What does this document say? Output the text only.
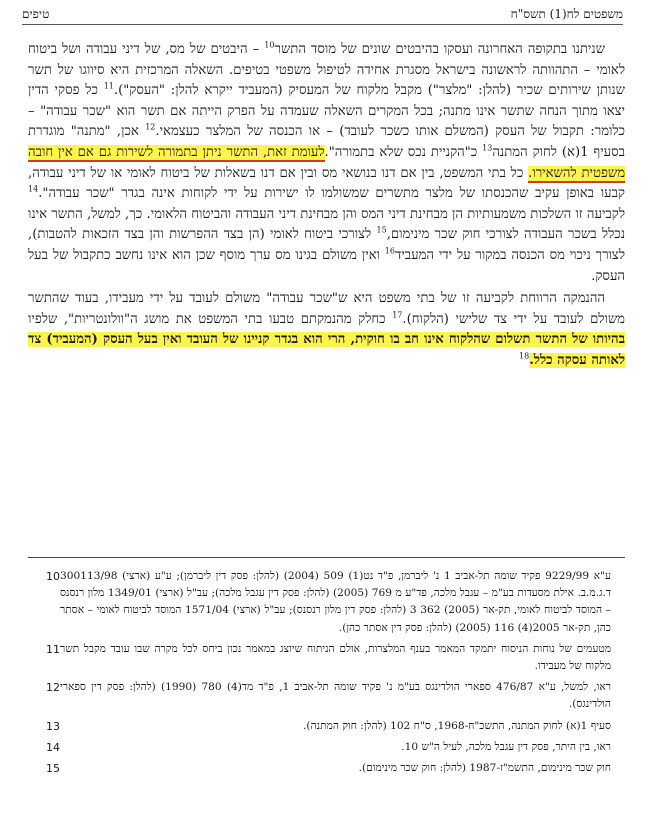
משפטים לח(1) תשס"ח
טיפים

שניתנו בתקופה האחרונה ועסקו בהיבטים שונים של מוסד התשר$^{10}$ – היבטים של מס, של דיני עבודה ושל ביטוח לאומי – התהוותה לראשונה בישראל מסגרת אחידה לטיפול משפטי בטיפים. השאלה המרכזית היא סיווגו של תשר שנותן שירותים שכיר (להלן: "מלצר") מקבל מלקוח של המעסיק (המעביד ייקרא להלן: "העסק").$^{11}$ כל פסקי הדין יצאו מתוך הנחה שתשר אינו מתנה; בכל המקרים השאלה שעמדה על הפרק הייתה אם תשר הוא "שכר עבודה" – כלומר: תקבול של העסק (המשלם אותו כשכר לעובד) – או הכנסה של המלצר כעצמאי.$^{12}$ אכן, "מתנה" מוגדרת בסעיף 1(א) לחוק המתנה$^{13}$ כ"הקניית נכס שלא בתמורה".לעומת זאת, התשר ניתן בתמורה לשירות גם אם אין חובה משפטית להשאירו. כל בתי המשפט, בין אם דנו בנושאי מס ובין אם דנו בשאלות של ביטוח לאומי או של דיני עבודה, קבעו באופן עקיב שהכנסתו של מלצר מתשרים שמשולמו לו ישירות על ידי לקוחות אינה בגדר "שכר עבודה".$^{14}$ לקביעה זו השלכות משמעותיות הן מבחינת דיני המס והן מבחינת דיני העבודה והביטוח הלאומי. כך, למשל, התשר אינו נכלל בשכר העבודה לצורכי חוק שכר מינימום,$^{15}$ לצורכי ביטוח לאומי (הן בצד ההפרשות והן בצד הזכאות להטבות), לצורך ניכוי מס הכנסה במקור על ידי המעביד$^{16}$ ואין משולם בגינו מס ערך מוסף שכן הוא אינו נחשב כתקבול של בעל העסק.

ההנמקה הרווחת לקביעה זו של בתי משפט היא ש"שכר עבודה" משולם לעובד על ידי מעבידו, בעוד שהתשר משולם לעובד על ידי צד שלישי (הלקוח).$^{17}$ כחלק מהנמקתם טבעו בתי המשפט את מושג ה"וולונטריות", שלפיו בהיותו של התשר תשלום שהלקוח אינו חב בו חוקית, הרי הוא בגדר קניינו של העובד ואין בעל העסק (המעביד) צד לאותה עסקה כלל.$^{18}$

ע"א 9229/99 פקיד שומה תל-אביב 1 נ' ליברמן, פ"ד נט(1) 509 (2004) (להלן: פסק דין ליברמן); ע"ע (ארצי) 300113/98 ד.ג.מ.ב. אילת מסעדות בע"מ – עגבל מלכה, פד"ע מ 769 (2005) (להלן: פסק דין עגבל מלכה); עב"ל (ארצי) 1349/01 מלון רנסנס – המוסד לביטוח לאומי, תק-אר (2005) 362 3 (להלן: פסק דין מלון רנסנס); עב"ל (ארצי) 1571/04 המוסד לביטוח לאומי – אסתר כהן, תק-אר 2005(4) 116 (2005) (להלן: פסק דין אסתר כהן).
10
מטעמים של נוחות הניסוח יתמקד המאמר בענף המלצרות, אולם הניתוח שיוצג במאמר נכון ביחס לכל מקרה שבו עובד מקבל תשר מלקוח של מעבידו.
11
ראו, למשל, ע"א 476/87 ספארי הולדינגס בע"מ נ' פקיד שומה תל-אביב 1, פ"ד מד(4) 780 (1990) (להלן: פסק דין ספארי הולדינגס).
12
סעיף 1(א) לחוק המתנה, התשכ"ח-1968, ס"ח 102 (להלן: חוק המתנה).
13
ראו, בין היתר, פסק דין עגבל מלכה, לעיל ה"ש 10.
14
חוק שכר מינימום, התשמ"ז-1987 (להלן: חוק שכר מינימום).
15
